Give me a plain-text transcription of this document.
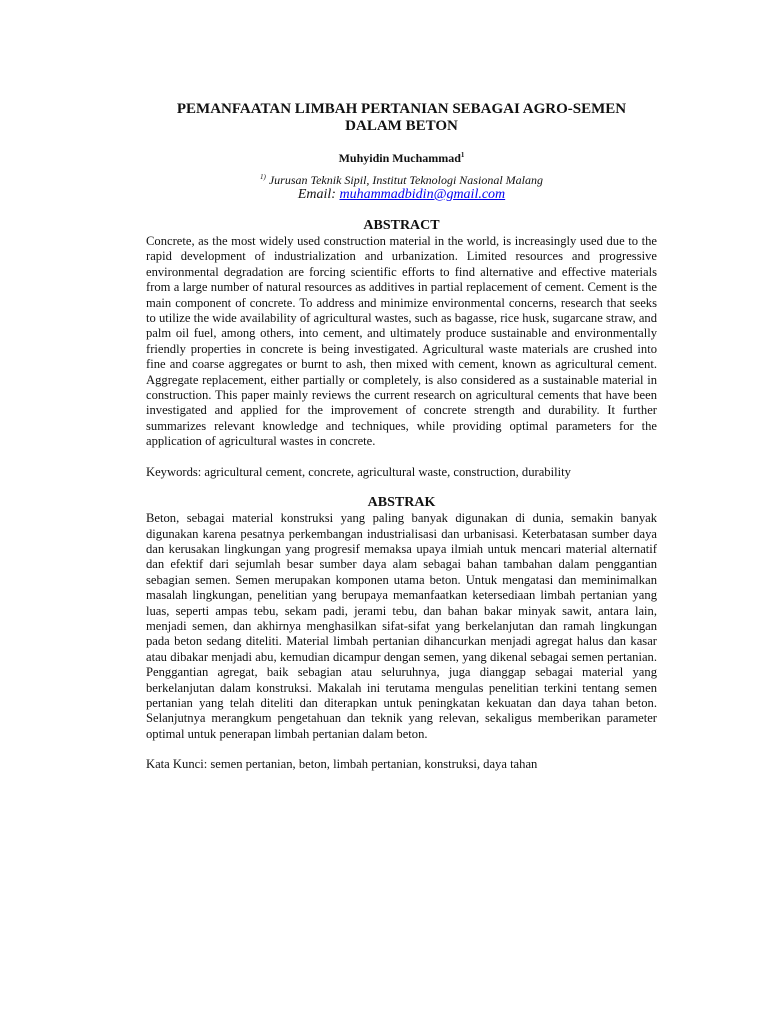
PEMANFAATAN LIMBAH PERTANIAN SEBAGAI AGRO-SEMEN
DALAM BETON
Muhyidin Muchammad$^1$
$^{1)}$ Jurusan Teknik Sipil, Institut Teknologi Nasional Malang
Email: muhammadbidin@gmail.com
ABSTRACT

Concrete, as the most widely used construction material in the world, is increasingly used due to the rapid development of industrialization and urbanization. Limited resources and progressive environmental degradation are forcing scientific efforts to find alternative and effective materials from a large number of natural resources as additives in partial replacement of cement. Cement is the main component of concrete. To address and minimize environmental concerns, research that seeks to utilize the wide availability of agricultural wastes, such as bagasse, rice husk, sugarcane straw, and palm oil fuel, among others, into cement, and ultimately produce sustainable and environmentally friendly properties in concrete is being investigated. Agricultural waste materials are crushed into fine and coarse aggregates or burnt to ash, then mixed with cement, known as agricultural cement. Aggregate replacement, either partially or completely, is also considered as a sustainable material in construction. This paper mainly reviews the current research on agricultural cements that have been investigated and applied for the improvement of concrete strength and durability. It further summarizes relevant knowledge and techniques, while providing optimal parameters for the application of agricultural wastes in concrete.

Keywords: agricultural cement, concrete, agricultural waste, construction, durability
ABSTRAK

Beton, sebagai material konstruksi yang paling banyak digunakan di dunia, semakin banyak digunakan karena pesatnya perkembangan industrialisasi dan urbanisasi. Keterbatasan sumber daya dan kerusakan lingkungan yang progresif memaksa upaya ilmiah untuk mencari material alternatif dan efektif dari sejumlah besar sumber daya alam sebagai bahan tambahan dalam penggantian sebagian semen. Semen merupakan komponen utama beton. Untuk mengatasi dan meminimalkan masalah lingkungan, penelitian yang berupaya memanfaatkan ketersediaan limbah pertanian yang luas, seperti ampas tebu, sekam padi, jerami tebu, dan bahan bakar minyak sawit, antara lain, menjadi semen, dan akhirnya menghasilkan sifat-sifat yang berkelanjutan dan ramah lingkungan pada beton sedang diteliti. Material limbah pertanian dihancurkan menjadi agregat halus dan kasar atau dibakar menjadi abu, kemudian dicampur dengan semen, yang dikenal sebagai semen pertanian. Penggantian agregat, baik sebagian atau seluruhnya, juga dianggap sebagai material yang berkelanjutan dalam konstruksi. Makalah ini terutama mengulas penelitian terkini tentang semen pertanian yang telah diteliti dan diterapkan untuk peningkatan kekuatan dan daya tahan beton. Selanjutnya merangkum pengetahuan dan teknik yang relevan, sekaligus memberikan parameter optimal untuk penerapan limbah pertanian dalam beton.

Kata Kunci: semen pertanian, beton, limbah pertanian, konstruksi, daya tahan
